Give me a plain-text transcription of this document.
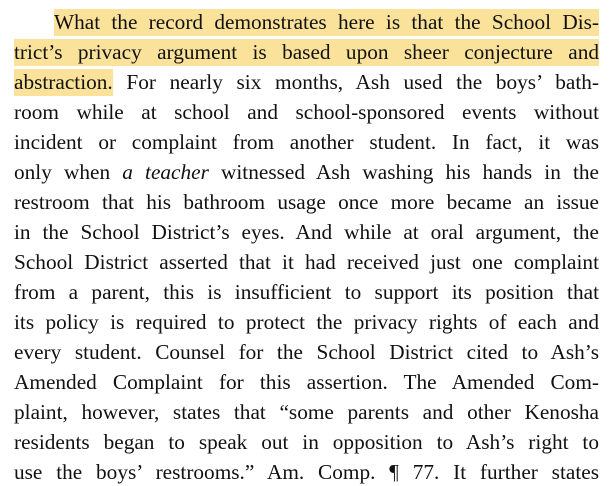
What the record demonstrates here is that the School Dis-
trict’s privacy argument is based upon sheer conjecture and
abstraction. For nearly six months, Ash used the boys’ bath-
room while at school and school-sponsored events without
incident or complaint from another student. In fact, it was
only when a teacher witnessed Ash washing his hands in the
restroom that his bathroom usage once more became an issue
in the School District’s eyes. And while at oral argument, the
School District asserted that it had received just one complaint
from a parent, this is insufficient to support its position that
its policy is required to protect the privacy rights of each and
every student. Counsel for the School District cited to Ash’s
Amended Complaint for this assertion. The Amended Com-
plaint, however, states that “some parents and other Kenosha
residents began to speak out in opposition to Ash’s right to
use the boys’ restrooms.” Am. Comp. ¶ 77. It further states
